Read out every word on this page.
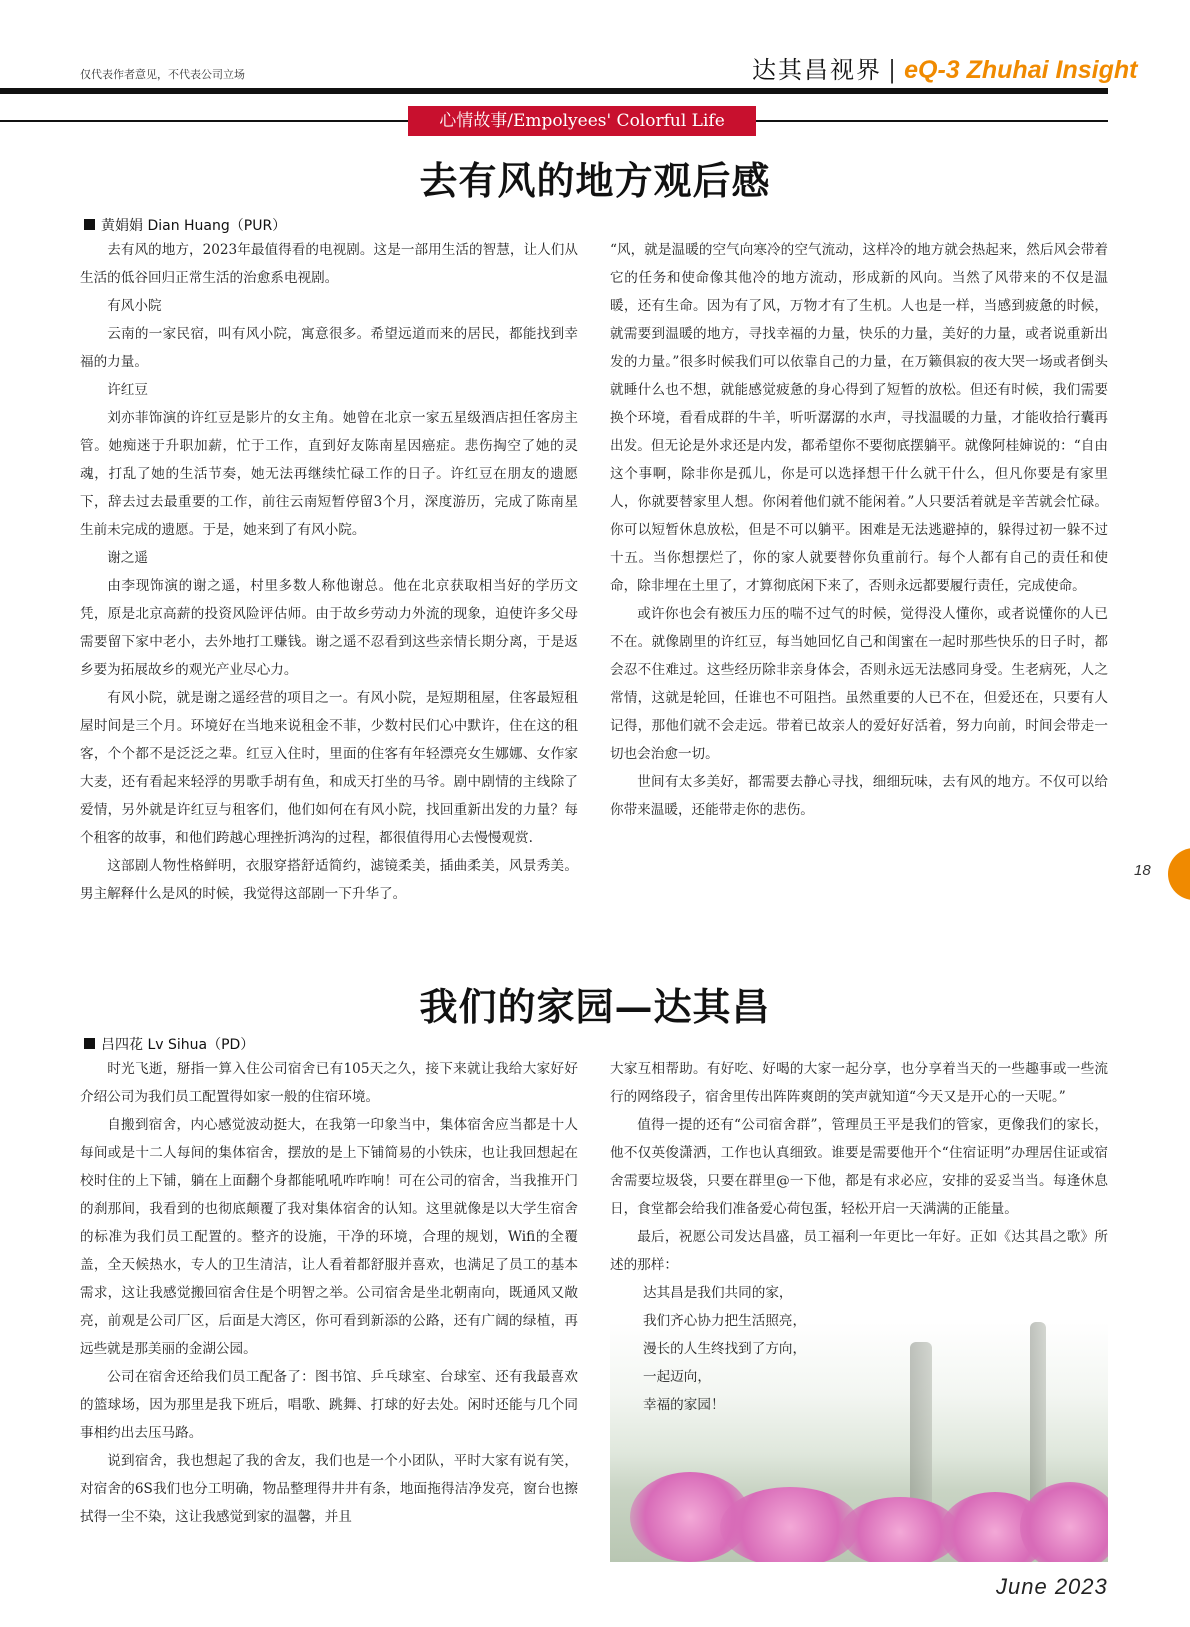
仅代表作者意见，不代表公司立场	达其昌视界 | eQ-3 Zhuhai Insight
心情故事/Empolyees' Colorful Life
去有风的地方观后感
黄娟娟 Dian Huang（PUR）

去有风的地方，2023年最值得看的电视剧。这是一部用生活的智慧，让人们从生活的低谷回归正常生活的治愈系电视剧。

有风小院

云南的一家民宿，叫有风小院，寓意很多。希望远道而来的居民，都能找到幸福的力量。

许红豆

刘亦菲饰演的许红豆是影片的女主角。她曾在北京一家五星级酒店担任客房主管。她痴迷于升职加薪，忙于工作，直到好友陈南星因癌症。悲伤掏空了她的灵魂，打乱了她的生活节奏，她无法再继续忙碌工作的日子。许红豆在朋友的遗愿下，辞去过去最重要的工作，前往云南短暂停留3个月，深度游历，完成了陈南星生前未完成的遗愿。于是，她来到了有风小院。

谢之遥

由李现饰演的谢之遥，村里多数人称他谢总。他在北京获取相当好的学历文凭，原是北京高薪的投资风险评估师。由于故乡劳动力外流的现象，迫使许多父母需要留下家中老小，去外地打工赚钱。谢之遥不忍看到这些亲情长期分离，于是返乡要为拓展故乡的观光产业尽心力。

有风小院，就是谢之遥经营的项目之一。有风小院，是短期租屋，住客最短租屋时间是三个月。环境好在当地来说租金不菲，少数村民们心中默许，住在这的租客，个个都不是泛泛之辈。红豆入住时，里面的住客有年轻漂亮女生娜娜、女作家大麦，还有看起来轻浮的男歌手胡有鱼，和成天打坐的马爷。剧中剧情的主线除了爱情，另外就是许红豆与租客们，他们如何在有风小院，找回重新出发的力量？每个租客的故事，和他们跨越心理挫折鸿沟的过程，都很值得用心去慢慢观赏.

这部剧人物性格鲜明，衣服穿搭舒适简约，滤镜柔美，插曲柔美，风景秀美。男主解释什么是风的时候，我觉得这部剧一下升华了。

“风，就是温暖的空气向寒冷的空气流动，这样冷的地方就会热起来，然后风会带着它的任务和使命像其他冷的地方流动，形成新的风向。当然了风带来的不仅是温暖，还有生命。因为有了风，万物才有了生机。人也是一样，当感到疲惫的时候，就需要到温暖的地方，寻找幸福的力量，快乐的力量，美好的力量，或者说重新出发的力量。”很多时候我们可以依靠自己的力量，在万籁俱寂的夜大哭一场或者倒头就睡什么也不想，就能感觉疲惫的身心得到了短暂的放松。但还有时候，我们需要换个环境，看看成群的牛羊，听听潺潺的水声，寻找温暖的力量，才能收拾行囊再出发。但无论是外求还是内发，都希望你不要彻底摆躺平。就像阿桂婶说的：“自由这个事啊，除非你是孤儿，你是可以选择想干什么就干什么，但凡你要是有家里人，你就要替家里人想。你闲着他们就不能闲着。”人只要活着就是辛苦就会忙碌。你可以短暂休息放松，但是不可以躺平。困难是无法逃避掉的，躲得过初一躲不过十五。当你想摆烂了，你的家人就要替你负重前行。每个人都有自己的责任和使命，除非埋在土里了，才算彻底闲下来了，否则永远都要履行责任，完成使命。

或许你也会有被压力压的喘不过气的时候，觉得没人懂你，或者说懂你的人已不在。就像剧里的许红豆，每当她回忆自己和闺蜜在一起时那些快乐的日子时，都会忍不住难过。这些经历除非亲身体会，否则永远无法感同身受。生老病死，人之常情，这就是轮回，任谁也不可阻挡。虽然重要的人已不在，但爱还在，只要有人记得，那他们就不会走远。带着已故亲人的爱好好活着，努力向前，时间会带走一切也会治愈一切。

世间有太多美好，都需要去静心寻找，细细玩味，去有风的地方。不仅可以给你带来温暖，还能带走你的悲伤。

我们的家园—达其昌
吕四花 Lv Sihua（PD）

时光飞逝，掰指一算入住公司宿舍已有105天之久，接下来就让我给大家好好介绍公司为我们员工配置得如家一般的住宿环境。

自搬到宿舍，内心感觉波动挺大，在我第一印象当中，集体宿舍应当都是十人每间或是十二人每间的集体宿舍，摆放的是上下铺简易的小铁床，也让我回想起在校时住的上下铺，躺在上面翻个身都能吼吼咋咋响！可在公司的宿舍，当我推开门的刹那间，我看到的也彻底颠覆了我对集体宿舍的认知。这里就像是以大学生宿舍的标准为我们员工配置的。整齐的设施，干净的环境，合理的规划，Wifi的全覆盖，全天候热水，专人的卫生清洁，让人看着都舒服并喜欢，也满足了员工的基本需求，这让我感觉搬回宿舍住是个明智之举。公司宿舍是坐北朝南向，既通风又敞亮，前观是公司厂区，后面是大湾区，你可看到新添的公路，还有广阔的绿植，再远些就是那美丽的金湖公园。

公司在宿舍还给我们员工配备了：图书馆、乒乓球室、台球室、还有我最喜欢的篮球场，因为那里是我下班后，唱歌、跳舞、打球的好去处。闲时还能与几个同事相约出去压马路。

说到宿舍，我也想起了我的舍友，我们也是一个小团队，平时大家有说有笑，对宿舍的6S我们也分工明确，物品整理得井井有条，地面拖得洁净发亮，窗台也擦拭得一尘不染，这让我感觉到家的温馨，并且

大家互相帮助。有好吃、好喝的大家一起分享，也分享着当天的一些趣事或一些流行的网络段子，宿舍里传出阵阵爽朗的笑声就知道“今天又是开心的一天呢。”

值得一提的还有“公司宿舍群”，管理员王平是我们的管家，更像我们的家长，他不仅英俊潇洒，工作也认真细致。谁要是需要他开个“住宿证明”办理居住证或宿舍需要垃圾袋，只要在群里@一下他，都是有求必应，安排的妥妥当当。每逢休息日，食堂都会给我们准备爱心荷包蛋，轻松开启一天满满的正能量。

最后，祝愿公司发达昌盛，员工福利一年更比一年好。正如《达其昌之歌》所述的那样：

达其昌是我们共同的家，

我们齐心协力把生活照亮，

漫长的人生终找到了方向，

一起迈向，

幸福的家园！

18
June 2023
